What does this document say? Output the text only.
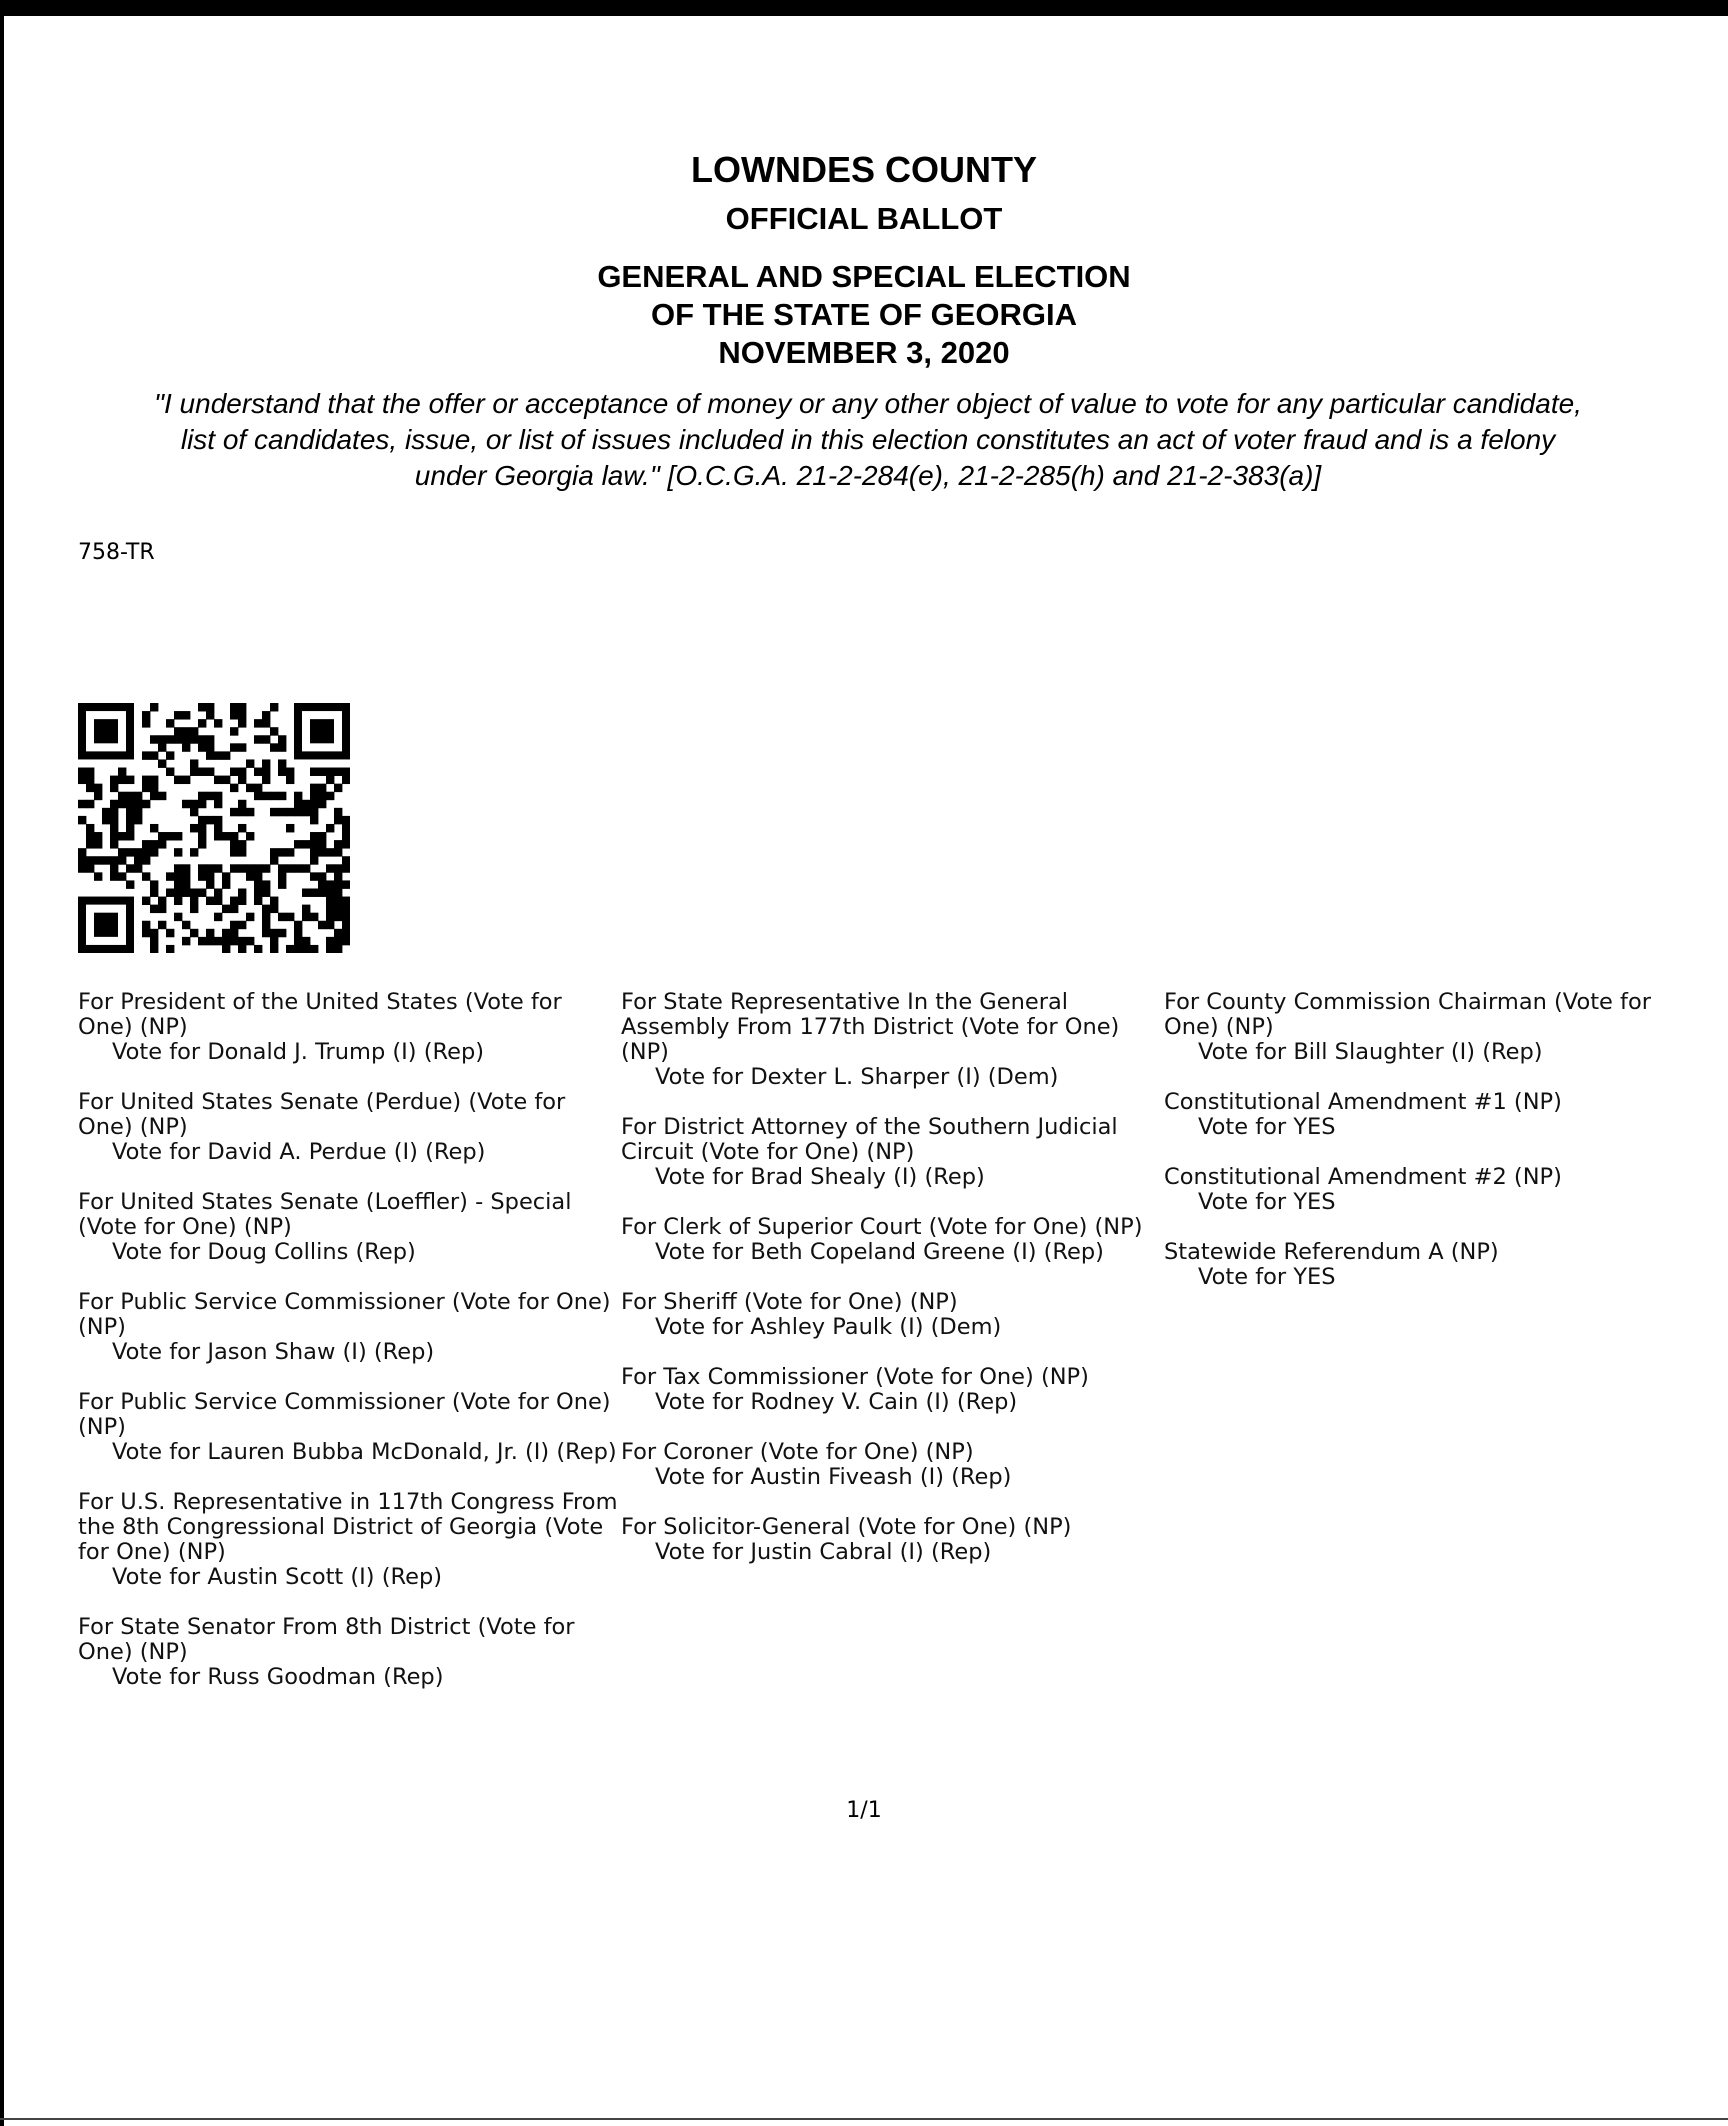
LOWNDES COUNTY
OFFICIAL BALLOT
GENERAL AND SPECIAL ELECTION
OF THE STATE OF GEORGIA
NOVEMBER 3, 2020
"I understand that the offer or acceptance of money or any other object of value to vote for any particular candidate,
list of candidates, issue, or list of issues included in this election constitutes an act of voter fraud and is a felony
under Georgia law." [O.C.G.A. 21-2-284(e), 21-2-285(h) and 21-2-383(a)]
758-TR
For President of the United States (Vote for One) (NP)
Vote for Donald J. Trump (I) (Rep)
For United States Senate (Perdue) (Vote for One) (NP)
Vote for David A. Perdue (I) (Rep)
For United States Senate (Loeffler) - Special (Vote for One) (NP)
Vote for Doug Collins (Rep)
For Public Service Commissioner (Vote for One) (NP)
Vote for Jason Shaw (I) (Rep)
For Public Service Commissioner (Vote for One) (NP)
Vote for Lauren Bubba McDonald, Jr. (I) (Rep)
For U.S. Representative in 117th Congress From the 8th Congressional District of Georgia (Vote for One) (NP)
Vote for Austin Scott (I) (Rep)
For State Senator From 8th District (Vote for One) (NP)
Vote for Russ Goodman (Rep)
For State Representative In the General Assembly From 177th District (Vote for One) (NP)
Vote for Dexter L. Sharper (I) (Dem)
For District Attorney of the Southern Judicial Circuit (Vote for One) (NP)
Vote for Brad Shealy (I) (Rep)
For Clerk of Superior Court (Vote for One) (NP)
Vote for Beth Copeland Greene (I) (Rep)
For Sheriff (Vote for One) (NP)
Vote for Ashley Paulk (I) (Dem)
For Tax Commissioner (Vote for One) (NP)
Vote for Rodney V. Cain (I) (Rep)
For Coroner (Vote for One) (NP)
Vote for Austin Fiveash (I) (Rep)
For Solicitor-General (Vote for One) (NP)
Vote for Justin Cabral (I) (Rep)
For County Commission Chairman (Vote for One) (NP)
Vote for Bill Slaughter (I) (Rep)
Constitutional Amendment #1 (NP)
Vote for YES
Constitutional Amendment #2 (NP)
Vote for YES
Statewide Referendum A (NP)
Vote for YES
1/1
